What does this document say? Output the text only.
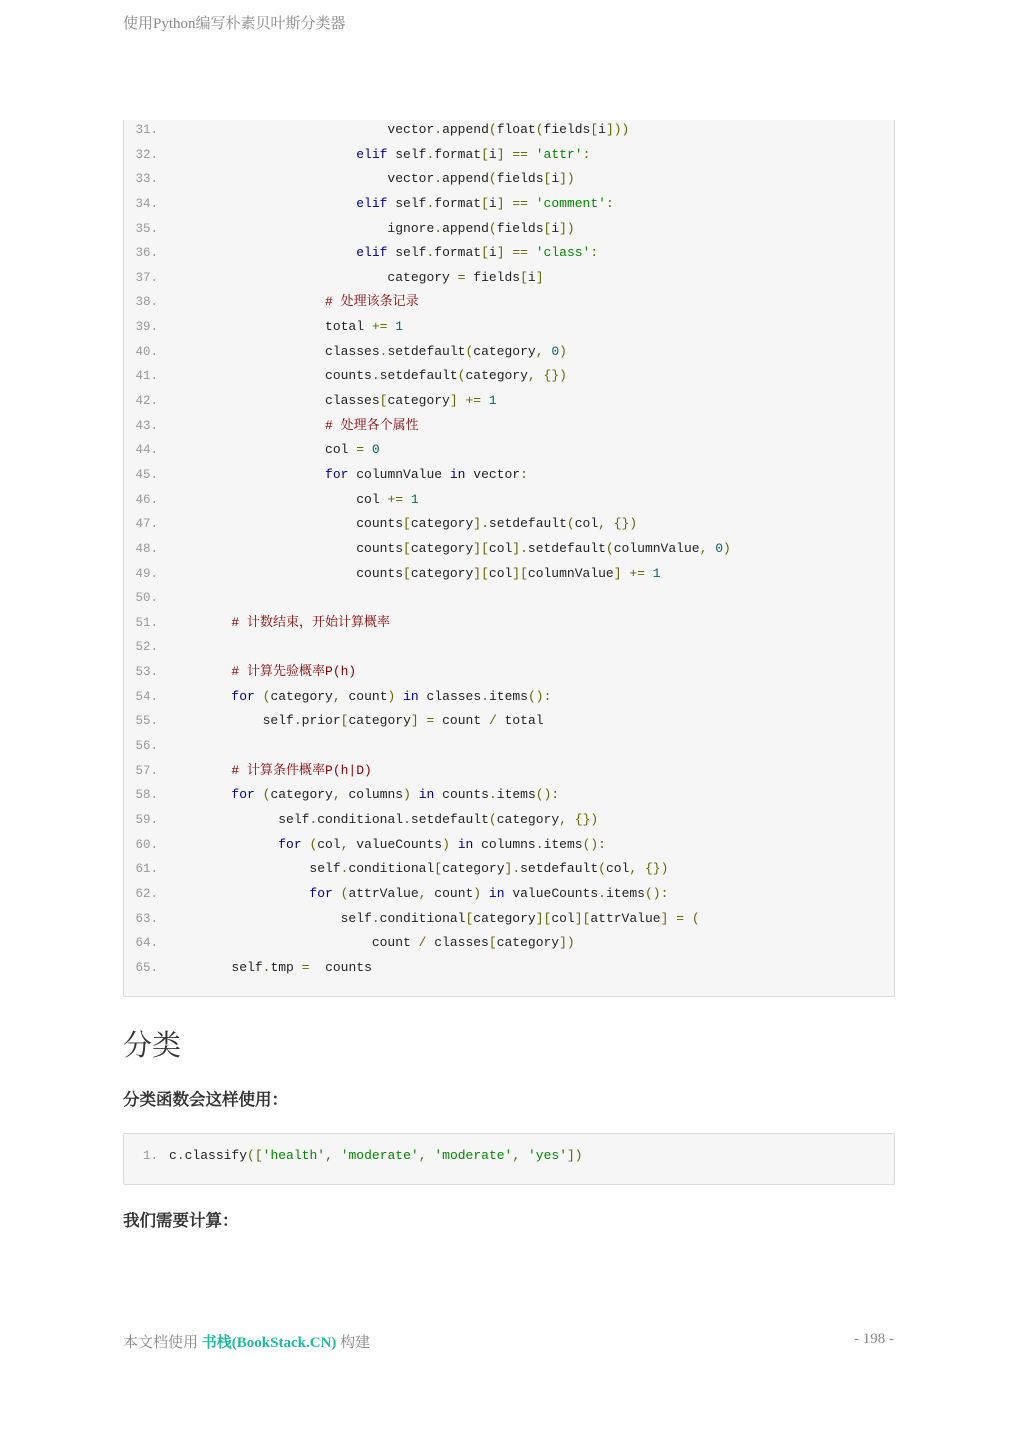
使用Python编写朴素贝叶斯分类器
31. vector.append(float(fields[i]))
32. elif self.format[i] == 'attr':
33. vector.append(fields[i])
34. elif self.format[i] == 'comment':
35. ignore.append(fields[i])
36. elif self.format[i] == 'class':
37. category = fields[i]
38. # 处理该条记录
39. total += 1
40. classes.setdefault(category, 0)
41. counts.setdefault(category, {})
42. classes[category] += 1
43. # 处理各个属性
44. col = 0
45. for columnValue in vector:
46. col += 1
47. counts[category].setdefault(col, {})
48. counts[category][col].setdefault(columnValue, 0)
49. counts[category][col][columnValue] += 1
50.
51. # 计数结束，开始计算概率
52.
53. # 计算先验概率P(h)
54. for (category, count) in classes.items():
55. self.prior[category] = count / total
56.
57. # 计算条件概率P(h|D)
58. for (category, columns) in counts.items():
59. self.conditional.setdefault(category, {})
60. for (col, valueCounts) in columns.items():
61. self.conditional[category].setdefault(col, {})
62. for (attrValue, count) in valueCounts.items():
63. self.conditional[category][col][attrValue] = (
64. count / classes[category])
65. self.tmp =  counts
分类
分类函数会这样使用：
1. c.classify(['health', 'moderate', 'moderate', 'yes'])
我们需要计算：
本文档使用 书栈(BookStack.CN) 构建	- 198 -
